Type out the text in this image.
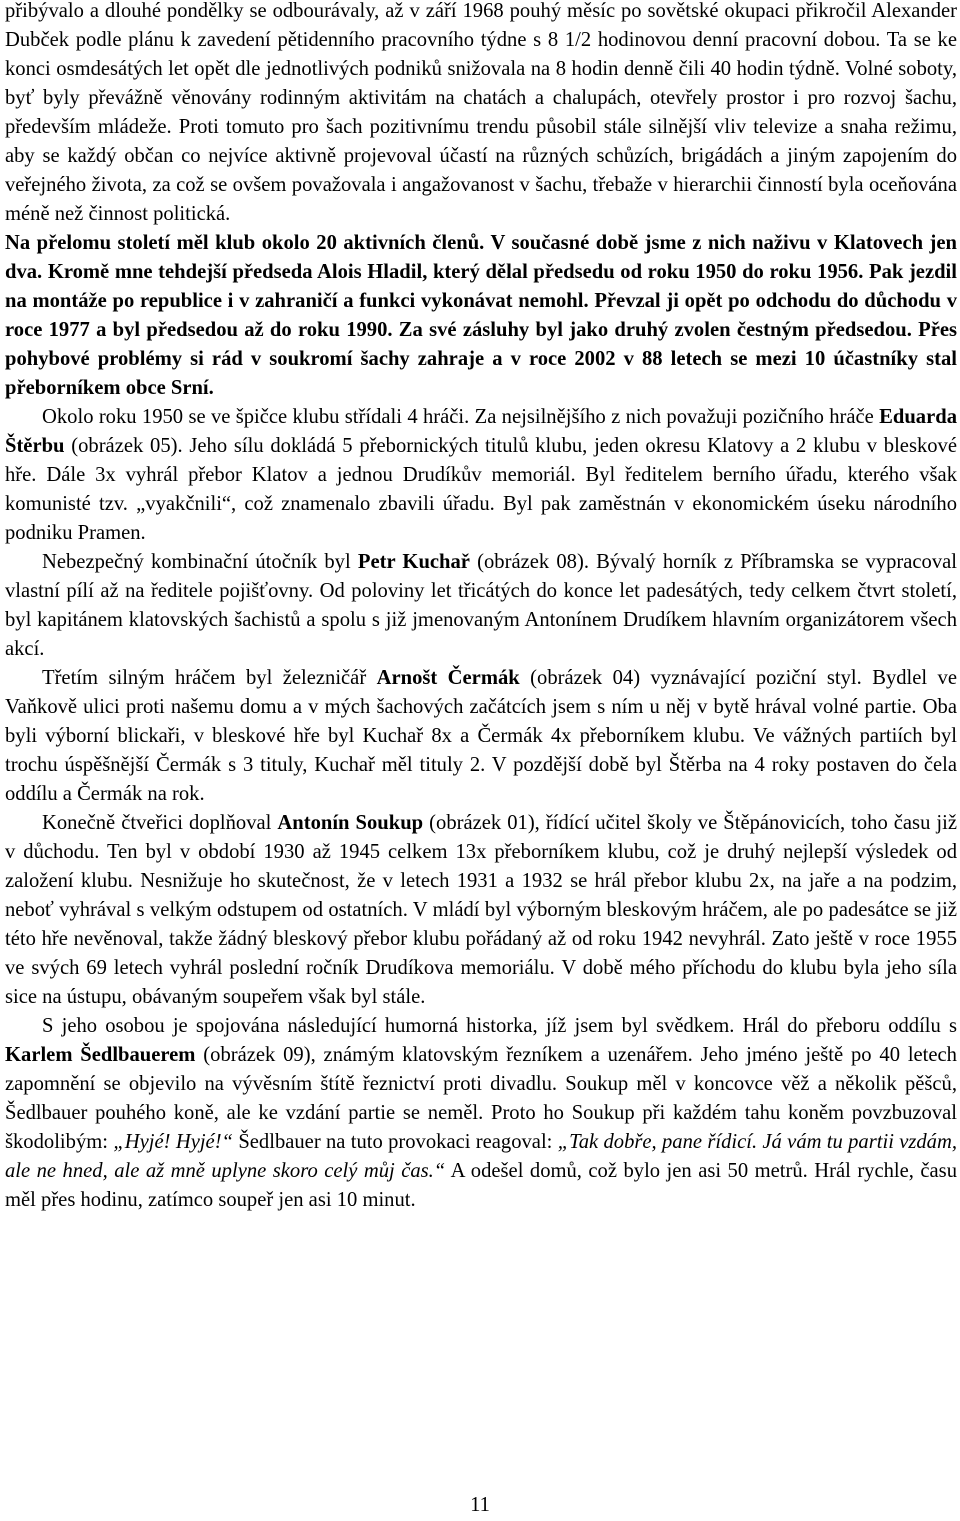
přibývalo a dlouhé pondělky se odbourávaly, až v září 1968 pouhý měsíc po sovětské okupaci přikročil Alexander Dubček podle plánu k zavedení pětidenního pracovního týdne s 8 1/2 hodinovou denní pracovní dobou. Ta se ke konci osmdesátých let opět dle jednotlivých podniků snižovala na 8 hodin denně čili 40 hodin týdně. Volné soboty, byť byly převážně věnovány rodinným aktivitám na chatách a chalupách, otevřely prostor i pro rozvoj šachu, především mládeže. Proti tomuto pro šach pozitivnímu trendu působil stále silnější vliv televize a snaha režimu, aby se každý občan co nejvíce aktivně projevoval účastí na různých schůzích, brigádách a jiným zapojením do veřejného života, za což se ovšem považovala i angažovanost v šachu, třebaže v hierarchii činností byla oceňována méně než činnost politická.

Na přelomu století měl klub okolo 20 aktivních členů. V současné době jsme z nich naživu v Klatovech jen dva. Kromě mne tehdejší předseda Alois Hladil, který dělal předsedu od roku 1950 do roku 1956. Pak jezdil na montáže po republice i v zahraničí a funkci vykonávat nemohl. Převzal ji opět po odchodu do důchodu v roce 1977 a byl předsedou až do roku 1990. Za své zásluhy byl jako druhý zvolen čestným předsedou. Přes pohybové problémy si rád v soukromí šachy zahraje a v roce 2002 v 88 letech se mezi 10 účastníky stal přeborníkem obce Srní.

Okolo roku 1950 se ve špičce klubu střídali 4 hráči. Za nejsilnějšího z nich považuji pozičního hráče Eduarda Štěrbu (obrázek 05). Jeho sílu dokládá 5 přebornických titulů klubu, jeden okresu Klatovy a 2 klubu v bleskové hře. Dále 3x vyhrál přebor Klatov a jednou Drudíkův memoriál. Byl ředitelem berního úřadu, kterého však komunisté tzv. „vyakčnili“, což znamenalo zbavili úřadu. Byl pak zaměstnán v ekonomickém úseku národního podniku Pramen.

Nebezpečný kombinační útočník byl Petr Kuchař (obrázek 08). Bývalý horník z Příbramska se vypracoval vlastní pílí až na ředitele pojišťovny. Od poloviny let třicátých do konce let padesátých, tedy celkem čtvrt století, byl kapitánem klatovských šachistů a spolu s již jmenovaným Antonínem Drudíkem hlavním organizátorem všech akcí.

Třetím silným hráčem byl železničář Arnošt Čermák (obrázek 04) vyznávající poziční styl. Bydlel ve Vaňkově ulici proti našemu domu a v mých šachových začátcích jsem s ním u něj v bytě hrával volné partie. Oba byli výborní blickaři, v bleskové hře byl Kuchař 8x a Čermák 4x přeborníkem klubu. Ve vážných partiích byl trochu úspěšnější Čermák s 3 tituly, Kuchař měl tituly 2. V pozdější době byl Štěrba na 4 roky postaven do čela oddílu a Čermák na rok.

Konečně čtveřici doplňoval Antonín Soukup (obrázek 01), řídící učitel školy ve Štěpánovicích, toho času již v důchodu. Ten byl v období 1930 až 1945 celkem 13x přeborníkem klubu, což je druhý nejlepší výsledek od založení klubu. Nesnižuje ho skutečnost, že v letech 1931 a 1932 se hrál přebor klubu 2x, na jaře a na podzim, neboť vyhrával s velkým odstupem od ostatních. V mládí byl výborným bleskovým hráčem, ale po padesátce se již této hře nevěnoval, takže žádný bleskový přebor klubu pořádaný až od roku 1942 nevyhrál. Zato ještě v roce 1955 ve svých 69 letech vyhrál poslední ročník Drudíkova memoriálu. V době mého příchodu do klubu byla jeho síla sice na ústupu, obávaným soupeřem však byl stále.

S jeho osobou je spojována následující humorná historka, jíž jsem byl svědkem. Hrál do přeboru oddílu s Karlem Šedlbauerem (obrázek 09), známým klatovským řezníkem a uzenářem. Jeho jméno ještě po 40 letech zapomnění se objevilo na vývěsním štítě řeznictví proti divadlu. Soukup měl v koncovce věž a několik pěšců, Šedlbauer pouhého koně, ale ke vzdání partie se neměl. Proto ho Soukup při každém tahu koněm povzbuzoval škodolibým: „Hyjé! Hyjé!“ Šedlbauer na tuto provokaci reagoval: „Tak dobře, pane řídicí. Já vám tu partii vzdám, ale ne hned, ale až mně uplyne skoro celý můj čas.“ A odešel domů, což bylo jen asi 50 metrů. Hrál rychle, času měl přes hodinu, zatímco soupeř jen asi 10 minut.

11
